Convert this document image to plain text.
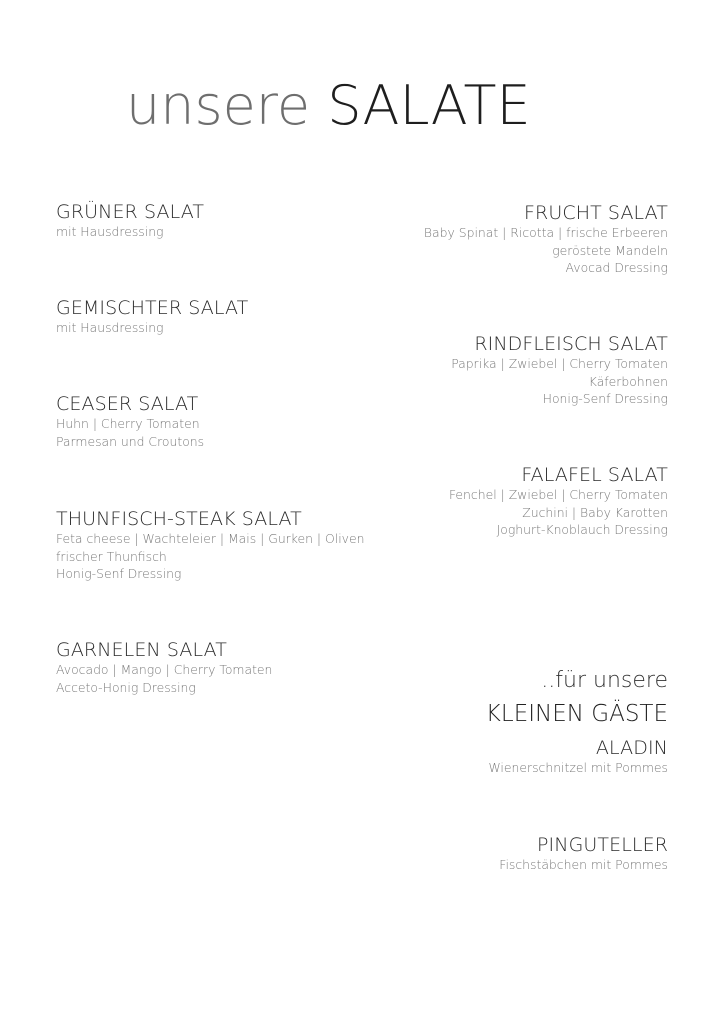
unsere SALATE
GRÜNER SALAT
mit Hausdressing
GEMISCHTER SALAT
mit Hausdressing
CEASER SALAT
Huhn | Cherry Tomaten
Parmesan und Croutons
THUNFISCH-STEAK SALAT
Feta cheese | Wachteleier | Mais | Gurken | Oliven
frischer Thunfisch
Honig-Senf Dressing
GARNELEN SALAT
Avocado | Mango | Cherry Tomaten
Acceto-Honig Dressing
FRUCHT SALAT
Baby Spinat | Ricotta | frische Erbeeren
geröstete Mandeln
Avocad Dressing
RINDFLEISCH SALAT
Paprika | Zwiebel | Cherry Tomaten
Käferbohnen
Honig-Senf Dressing
FALAFEL SALAT
Fenchel | Zwiebel | Cherry Tomaten
Zuchini | Baby Karotten
Joghurt-Knoblauch Dressing
..für unsere
KLEINEN GÄSTE
ALADIN
Wienerschnitzel mit Pommes
PINGUTELLER
Fischstäbchen mit Pommes
